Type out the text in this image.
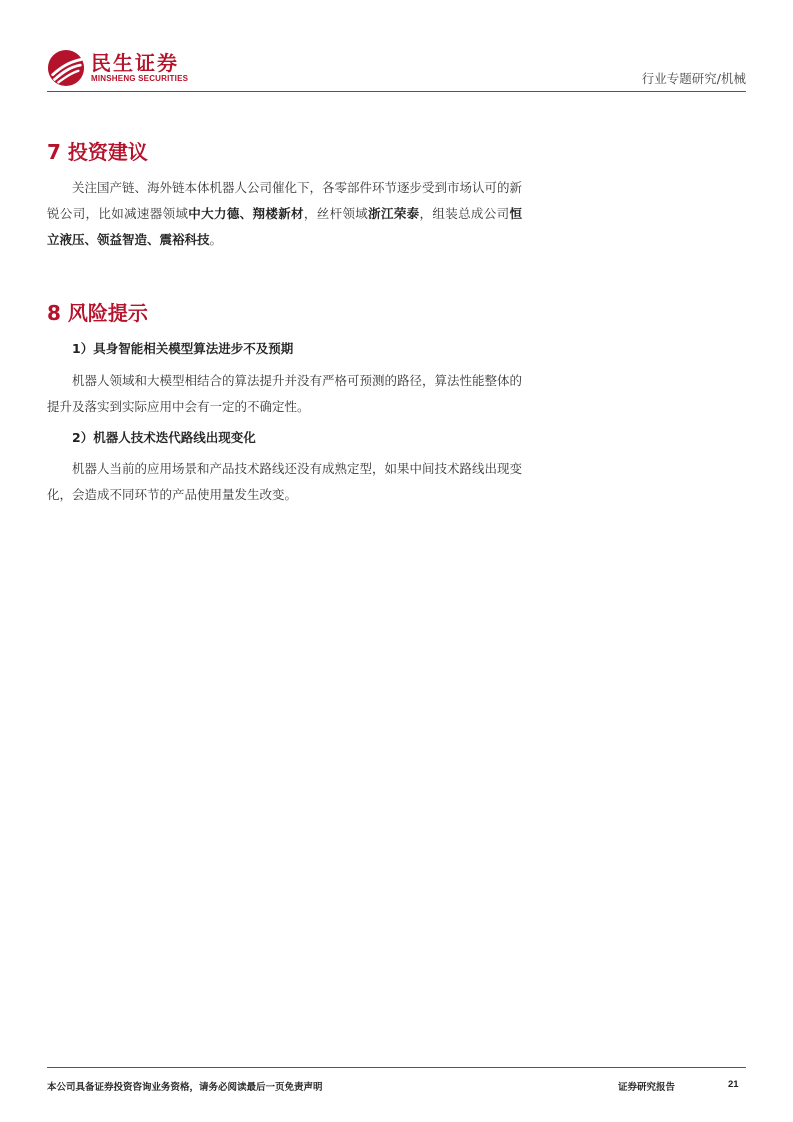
民生证券
MINSHENG SECURITIES	行业专题研究/机械
7 投资建议
关注国产链、海外链本体机器人公司催化下，各零部件环节逐步受到市场认可的新锐公司，比如减速器领域中大力德、翔楼新材，丝杆领域浙江荣泰，组装总成公司恒立液压、领益智造、震裕科技。
8 风险提示
1）具身智能相关模型算法进步不及预期
机器人领域和大模型相结合的算法提升并没有严格可预测的路径，算法性能整体的提升及落实到实际应用中会有一定的不确定性。
2）机器人技术迭代路线出现变化
机器人当前的应用场景和产品技术路线还没有成熟定型，如果中间技术路线出现变化，会造成不同环节的产品使用量发生改变。
本公司具备证券投资咨询业务资格，请务必阅读最后一页免责声明	证券研究报告	21
